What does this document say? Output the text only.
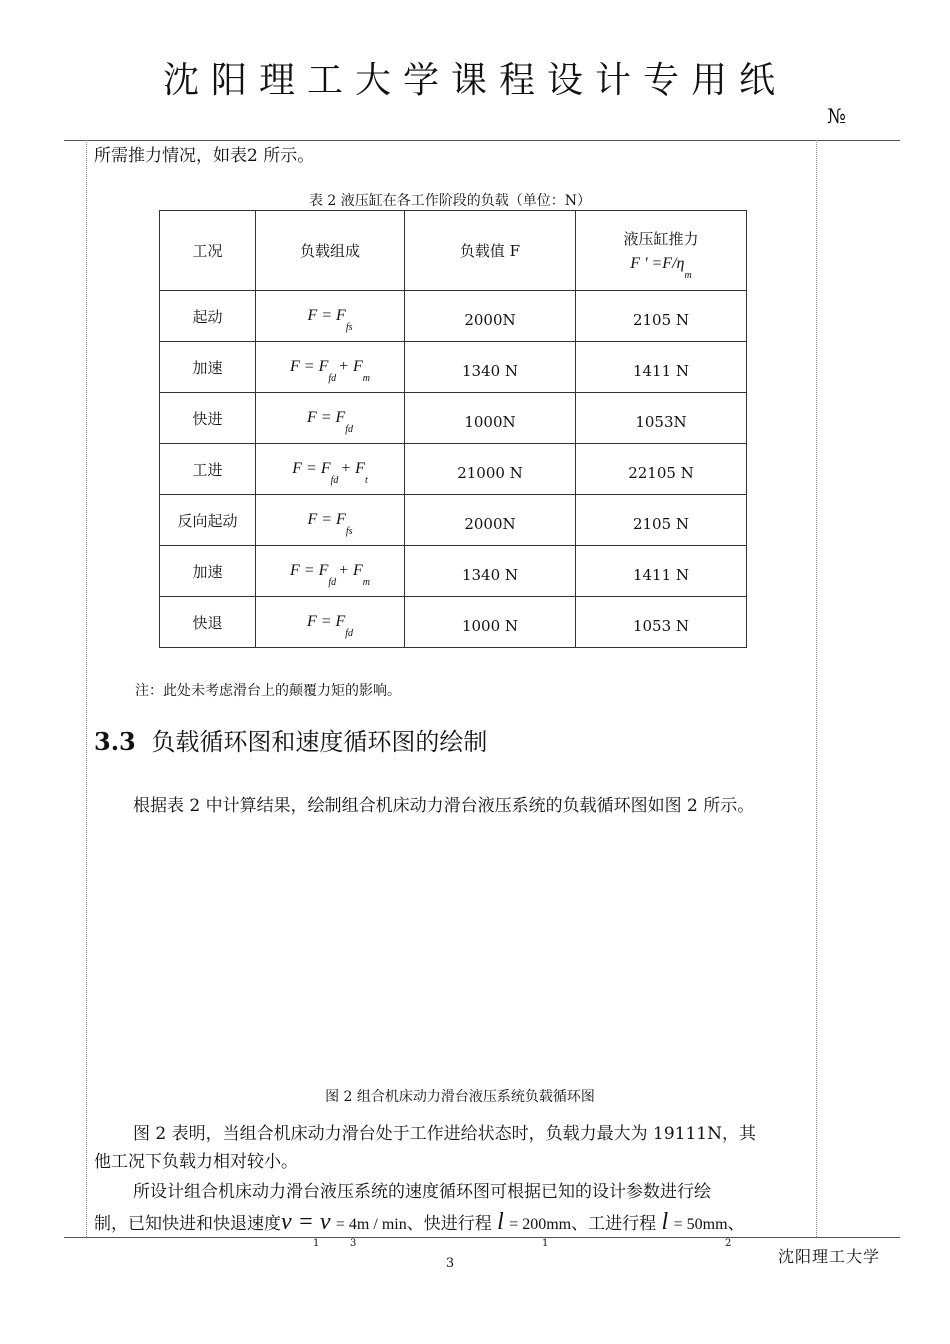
沈阳理工大学课程设计专用纸
№
所需推力情况，如表2 所示。
表 2 液压缸在各工作阶段的负载（单位：N）
工况	负载组成	负载值 F	液压缸推力
F ' $=F/\eta_m$

起动	$F = F_{fs}$	2000N	2105 N
加速	$F = F_{fd}+ F_m$	1340 N	1411 N
快进	$F = F_{fd}$	1000N	1053N
工进	$F = F_{fd}+ F_t$	21000 N	22105 N
反向起动	$F = F_{fs}$	2000N	2105 N
加速	$F = F_{fd}+ F_m$	1340 N	1411 N
快退	$F = F_{fd}$	1000 N	1053 N
注：此处未考虑滑台上的颠覆力矩的影响。
3.3 负载循环图和速度循环图的绘制
根据表 2 中计算结果，绘制组合机床动力滑台液压系统的负载循环图如图 2 所示。
图 2 组合机床动力滑台液压系统负载循环图
图 2 表明，当组合机床动力滑台处于工作进给状态时，负载力最大为 19111N，其
他工况下负载力相对较小。
所设计组合机床动力滑台液压系统的速度循环图可根据已知的设计参数进行绘
制，已知快进和快退速度v = v = 4m / min、快进行程 l = 200mm、工进行程 l = 50mm、
1	3	1	2
沈阳理工大学
3
